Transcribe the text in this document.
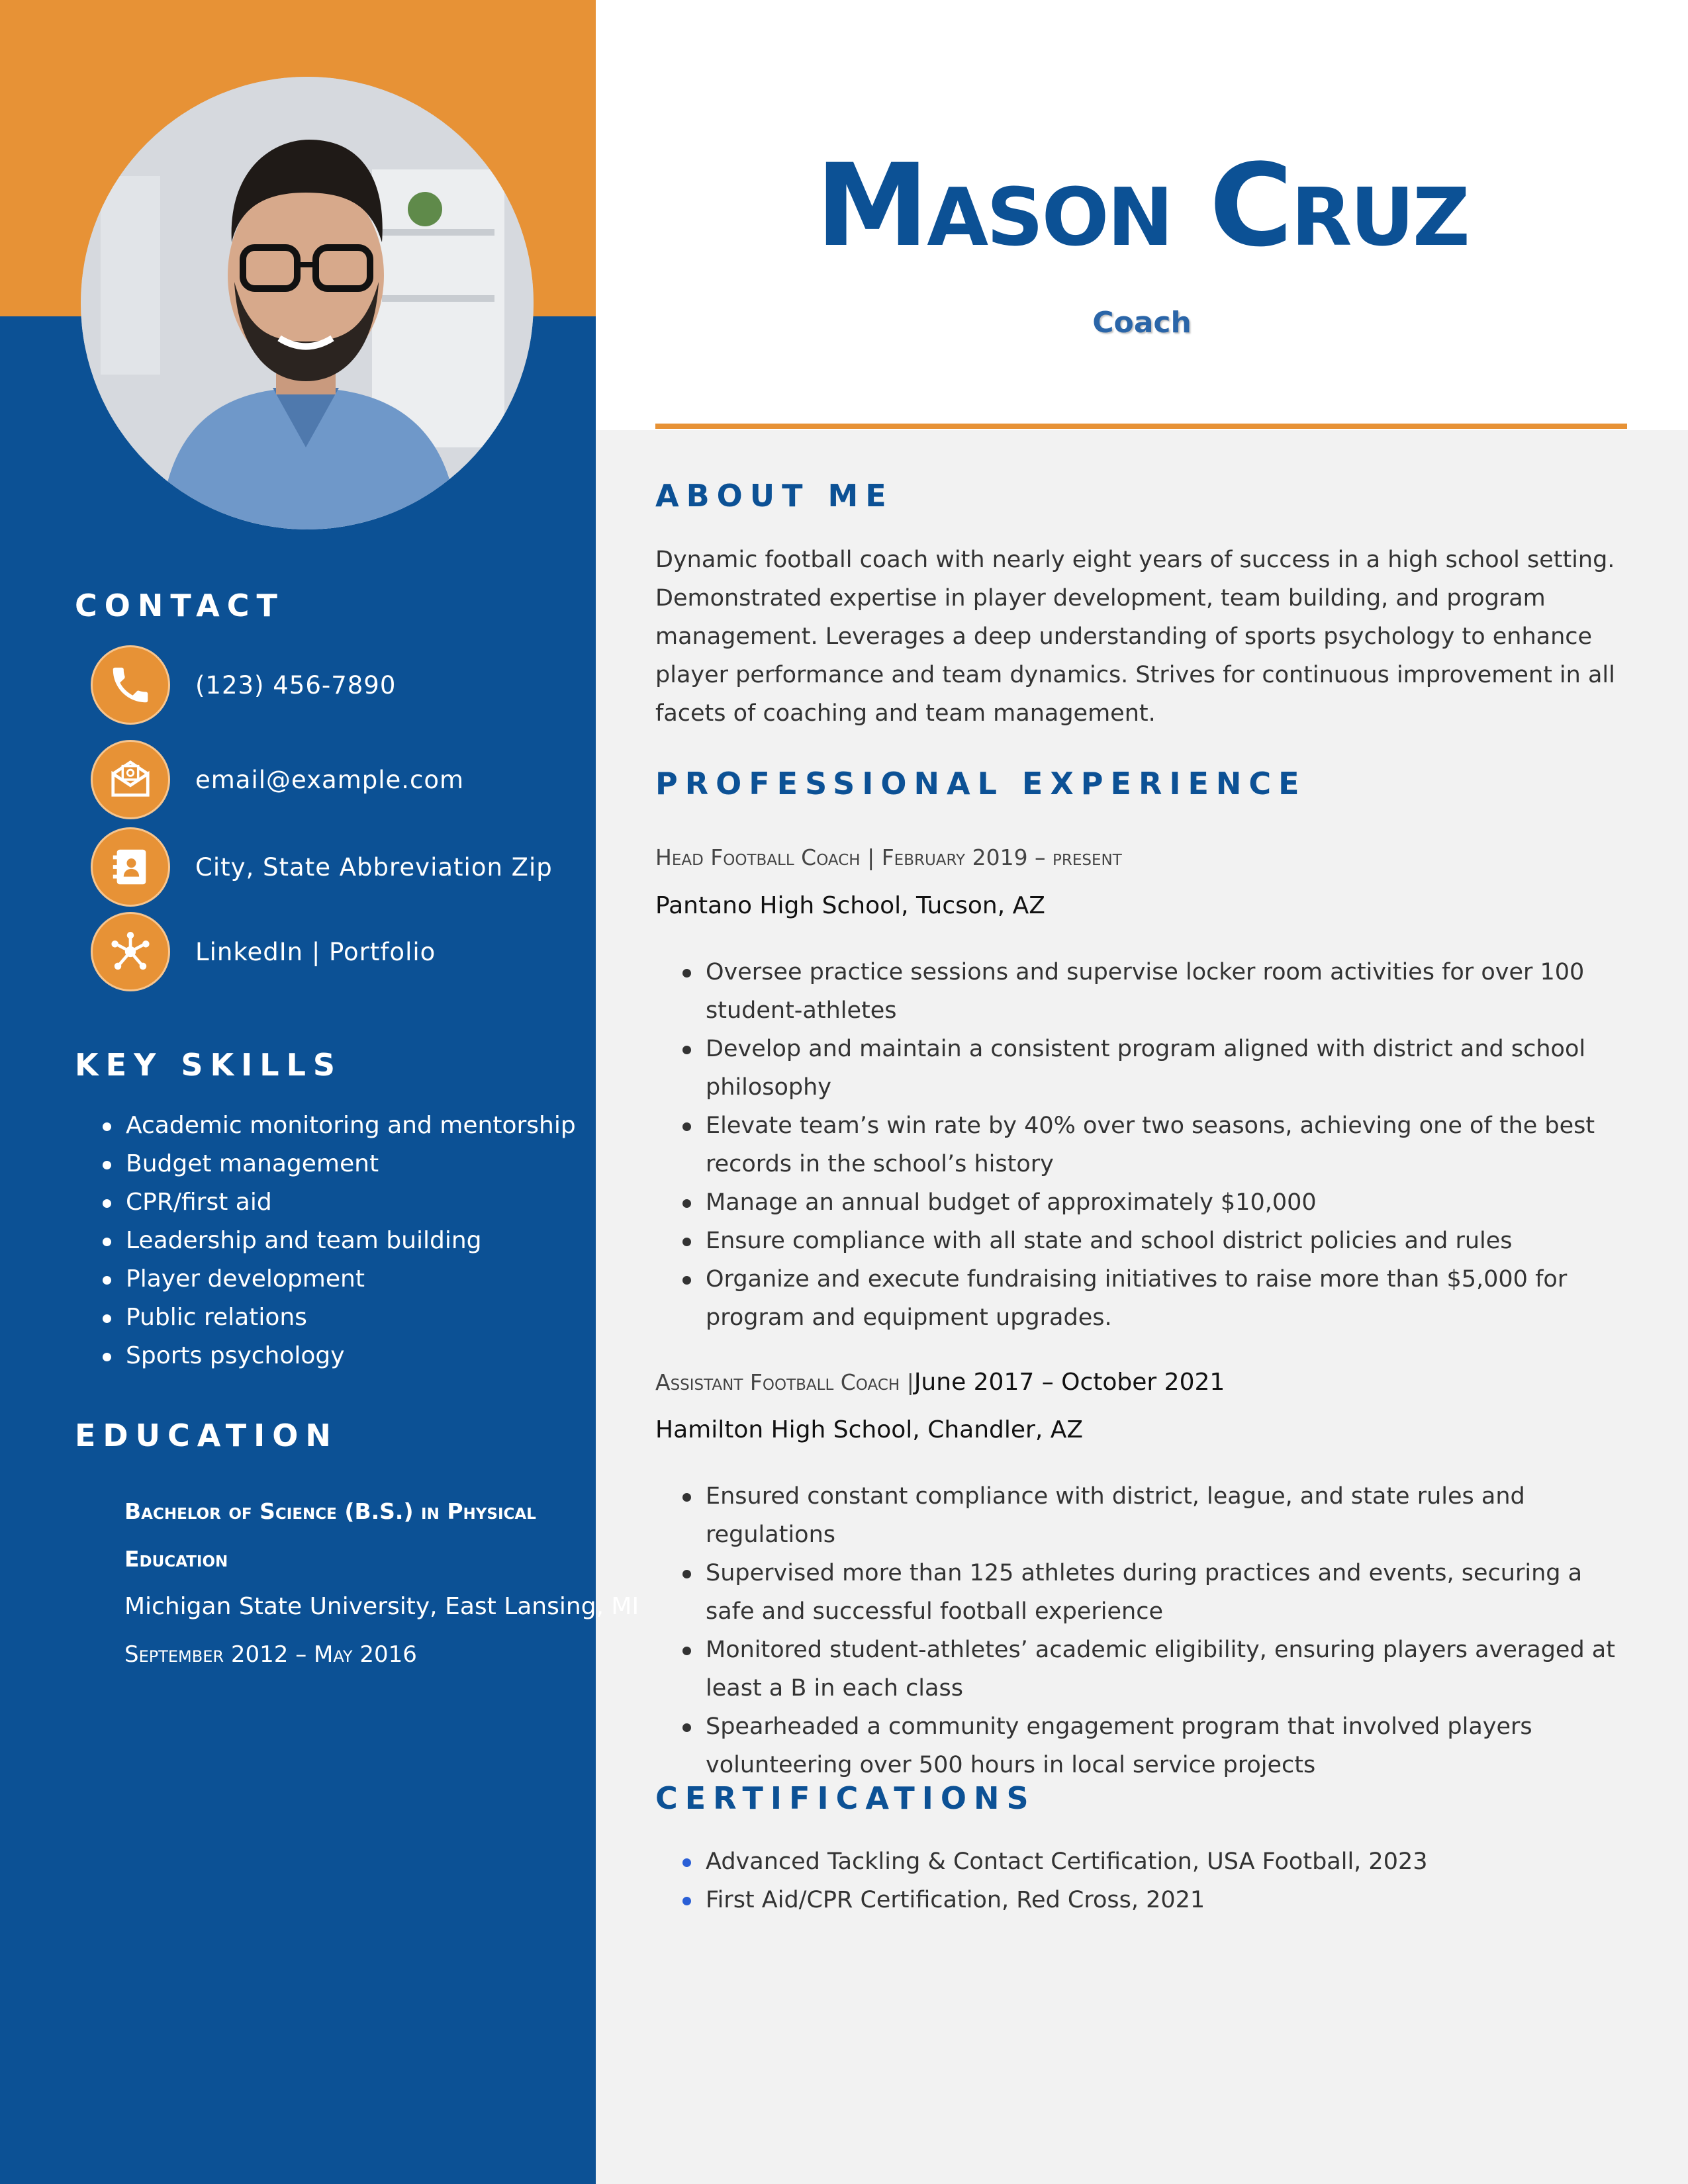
CONTACT
(123) 456-7890
email@example.com
City, State Abbreviation Zip
LinkedIn | Portfolio
KEY SKILLS
Academic monitoring and mentorship
Budget management
CPR/first aid
Leadership and team building
Player development
Public relations
Sports psychology
EDUCATION
Bachelor of Science (B.S.) in Physical
Education
Michigan State University, East Lansing, MI
September 2012 – May 2016
Mason Cruz
Coach
ABOUT ME

Dynamic football coach with nearly eight years of success in a high school setting. Demonstrated expertise in player development, team building, and program management. Leverages a deep understanding of sports psychology to enhance player performance and team dynamics. Strives for continuous improvement in all facets of coaching and team management.

PROFESSIONAL EXPERIENCE
Head Football Coach | February 2019 – present
Pantano High School, Tucson, AZ
Oversee practice sessions and supervise locker room activities for over 100 student-athletes
Develop and maintain a consistent program aligned with district and school philosophy
Elevate team’s win rate by 40% over two seasons, achieving one of the best records in the school’s history
Manage an annual budget of approximately $10,000
Ensure compliance with all state and school district policies and rules
Organize and execute fundraising initiatives to raise more than $5,000 for program and equipment upgrades.
Assistant Football Coach |June 2017 – October 2021
Hamilton High School, Chandler, AZ
Ensured constant compliance with district, league, and state rules and regulations
Supervised more than 125 athletes during practices and events, securing a safe and successful football experience
Monitored student-athletes’ academic eligibility, ensuring players averaged at least a B in each class
Spearheaded a community engagement program that involved players volunteering over 500 hours in local service projects
CERTIFICATIONS
Advanced Tackling & Contact Certification, USA Football, 2023
First Aid/CPR Certification, Red Cross, 2021
